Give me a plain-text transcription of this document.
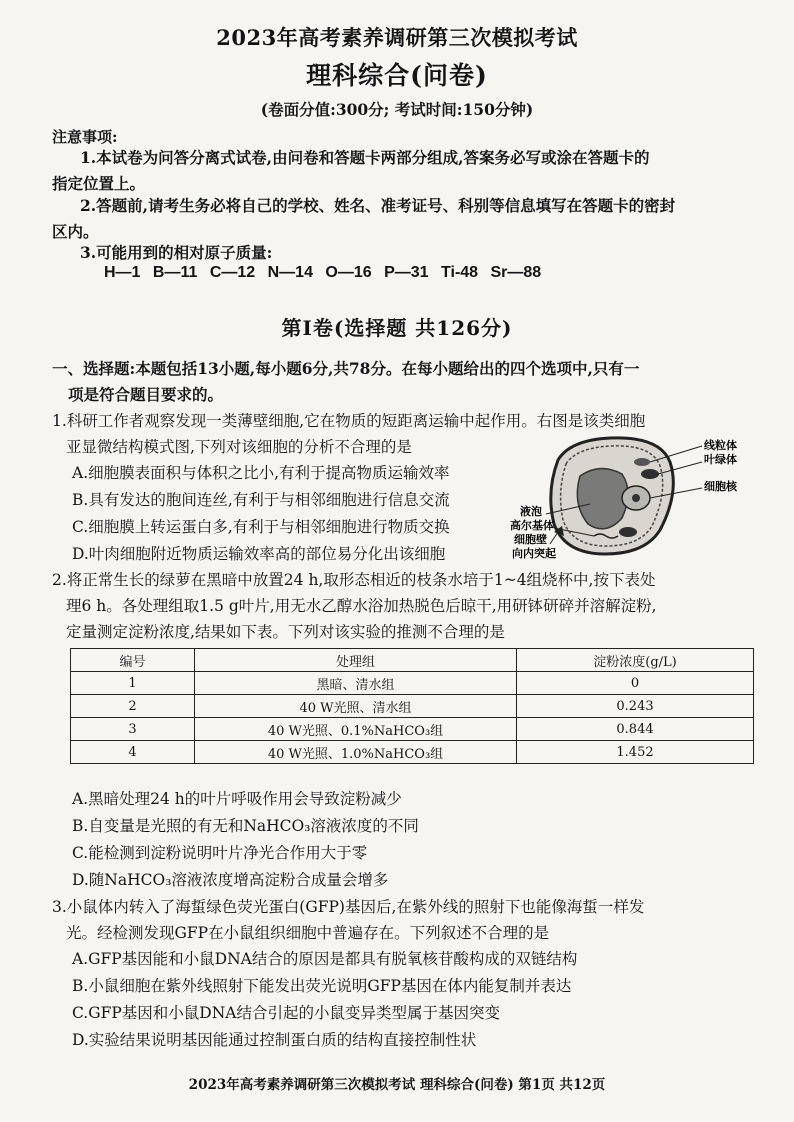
2023年高考素养调研第三次模拟考试
理科综合(问卷)
(卷面分值:300分; 考试时间:150分钟)
注意事项:
1.本试卷为问答分离式试卷,由问卷和答题卡两部分组成,答案务必写或涂在答题卡的
指定位置上。
2.答题前,请考生务必将自己的学校、姓名、准考证号、科别等信息填写在答题卡的密封
区内。
3.可能用到的相对原子质量:
H—1 B—11 C—12 N—14 O—16 P—31 Ti-48 Sr—88
第Ⅰ卷(选择题 共126分)
一、选择题:本题包括13小题,每小题6分,共78分。在每小题给出的四个选项中,只有一
项是符合题目要求的。
1.科研工作者观察发现一类薄壁细胞,它在物质的短距离运输中起作用。右图是该类细胞
亚显微结构模式图,下列对该细胞的分析不合理的是
A.细胞膜表面积与体积之比小,有利于提高物质运输效率
B.具有发达的胞间连丝,有利于与相邻细胞进行信息交流
C.细胞膜上转运蛋白多,有利于与相邻细胞进行物质交换
D.叶肉细胞附近物质运输效率高的部位易分化出该细胞
线粒体
叶绿体
细胞核
液泡
高尔基体
细胞壁
向内突起
2.将正常生长的绿萝在黑暗中放置24 h,取形态相近的枝条水培于1~4组烧杯中,按下表处
理6 h。各处理组取1.5 g叶片,用无水乙醇水浴加热脱色后晾干,用研钵研碎并溶解淀粉,
定量测定淀粉浓度,结果如下表。下列对该实验的推测不合理的是
编号	处理组	淀粉浓度(g/L)
1	黑暗、清水组	0
2	40 W光照、清水组	0.243
3	40 W光照、0.1%NaHCO₃组	0.844
4	40 W光照、1.0%NaHCO₃组	1.452
A.黑暗处理24 h的叶片呼吸作用会导致淀粉减少
B.自变量是光照的有无和NaHCO₃溶液浓度的不同
C.能检测到淀粉说明叶片净光合作用大于零
D.随NaHCO₃溶液浓度增高淀粉合成量会增多
3.小鼠体内转入了海蜇绿色荧光蛋白(GFP)基因后,在紫外线的照射下也能像海蜇一样发
光。经检测发现GFP在小鼠组织细胞中普遍存在。下列叙述不合理的是
A.GFP基因能和小鼠DNA结合的原因是都具有脱氧核苷酸构成的双链结构
B.小鼠细胞在紫外线照射下能发出荧光说明GFP基因在体内能复制并表达
C.GFP基因和小鼠DNA结合引起的小鼠变异类型属于基因突变
D.实验结果说明基因能通过控制蛋白质的结构直接控制性状
2023年高考素养调研第三次模拟考试 理科综合(问卷) 第1页 共12页
